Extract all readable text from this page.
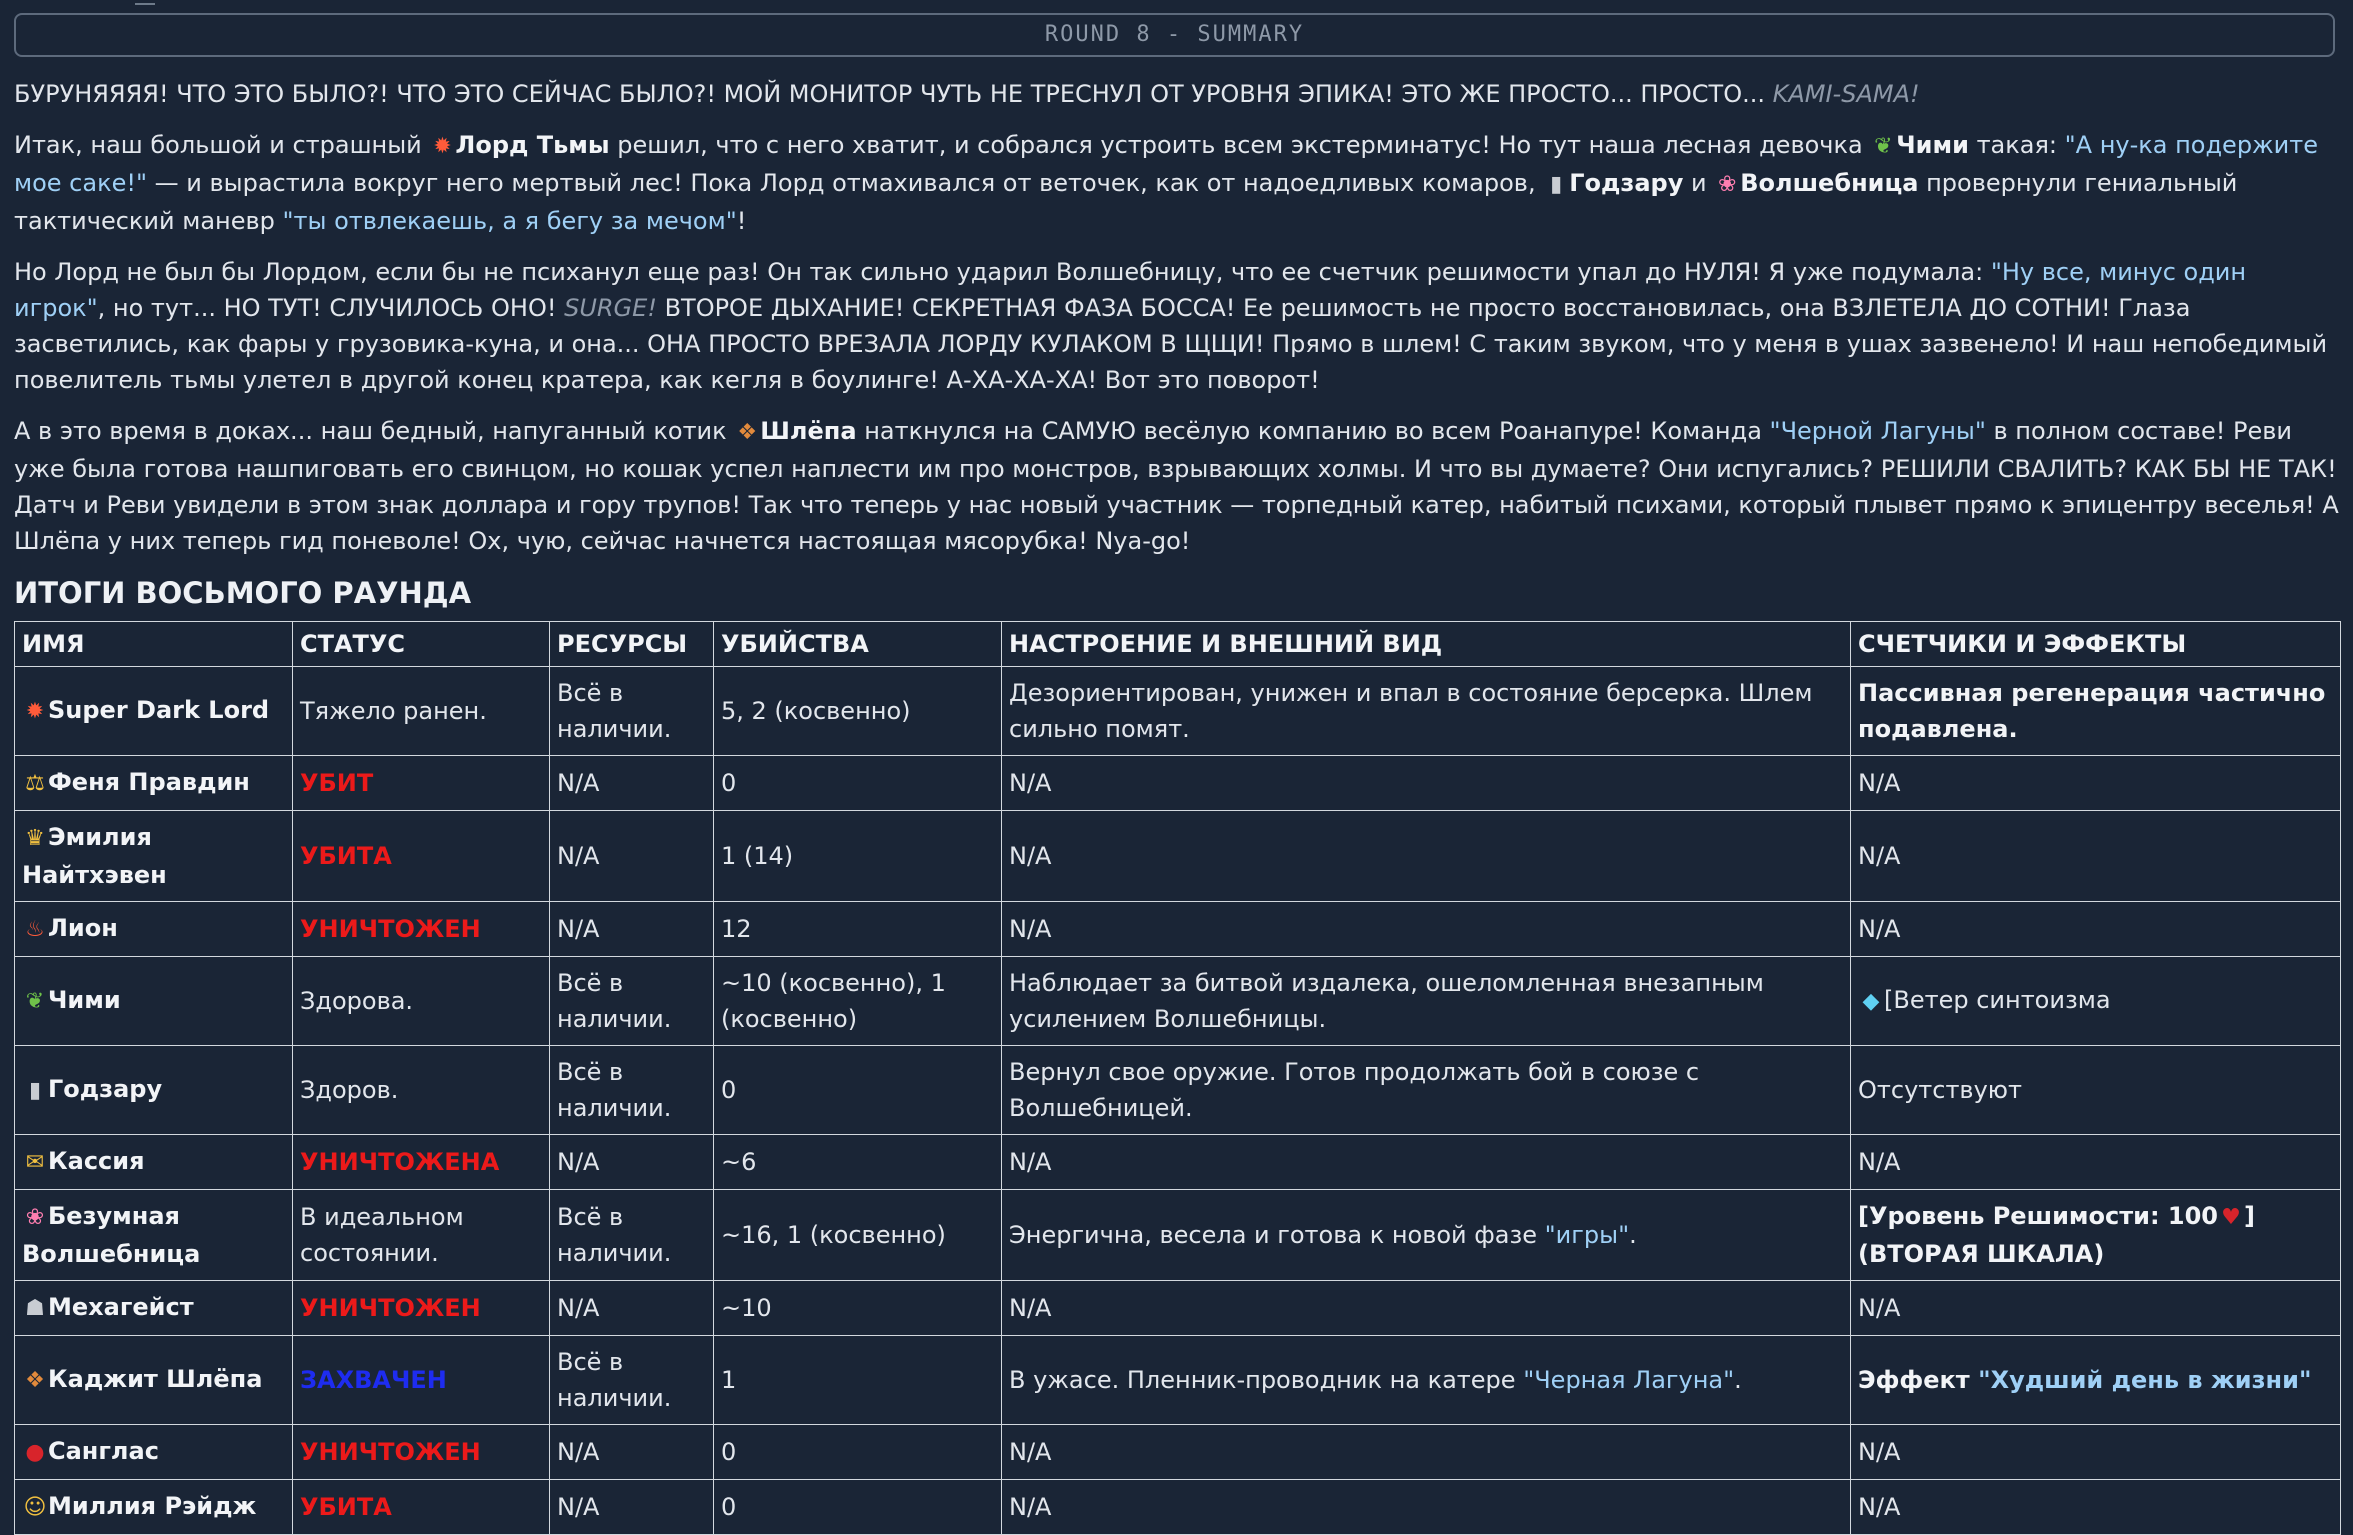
ROUND 8 - SUMMARY

БУРУНЯЯЯЯ! ЧТО ЭТО БЫЛО?! ЧТО ЭТО СЕЙЧАС БЫЛО?! МОЙ МОНИТОР ЧУТЬ НЕ ТРЕСНУЛ ОТ УРОВНЯ ЭПИКА! ЭТО ЖЕ ПРОСТО... ПРОСТО... KAMI-SAMA!

Итак, наш большой и страшный ✹ Лорд Тьмы решил, что с него хватит, и собрался устроить всем экстерминатус! Но тут наша лесная девочка ❦ Чими такая: "А ну-ка подержите мое саке!" — и вырастила вокруг него мертвый лес! Пока Лорд отмахивался от веточек, как от надоедливых комаров, ▮ Годзару и ❀ Волшебница провернули гениальный тактический маневр "ты отвлекаешь, а я бегу за мечом"!

Но Лорд не был бы Лордом, если бы не психанул еще раз! Он так сильно ударил Волшебницу, что ее счетчик решимости упал до НУЛЯ! Я уже подумала: "Ну все, минус один игрок", но тут... НО ТУТ! СЛУЧИЛОСЬ ОНО! SURGE! ВТОРОЕ ДЫХАНИЕ! СЕКРЕТНАЯ ФАЗА БОССА! Ее решимость не просто восстановилась, она ВЗЛЕТЕЛА ДО СОТНИ! Глаза засветились, как фары у грузовика-куна, и она... ОНА ПРОСТО ВРЕЗАЛА ЛОРДУ КУЛАКОМ В ЩЩИ! Прямо в шлем! С таким звуком, что у меня в ушах зазвенело! И наш непобедимый повелитель тьмы улетел в другой конец кратера, как кегля в боулинге! А-ХА-ХА-ХА! Вот это поворот!

А в это время в доках... наш бедный, напуганный котик ❖ Шлёпа наткнулся на САМУЮ весёлую компанию во всем Роанапуре! Команда "Черной Лагуны" в полном составе! Реви уже была готова нашпиговать его свинцом, но кошак успел наплести им про монстров, взрывающих холмы. И что вы думаете? Они испугались? РЕШИЛИ СВАЛИТЬ? КАК БЫ НЕ ТАК! Датч и Реви увидели в этом знак доллара и гору трупов! Так что теперь у нас новый участник — торпедный катер, набитый психами, который плывет прямо к эпицентру веселья! А Шлёпа у них теперь гид поневоле! Ох, чую, сейчас начнется настоящая мясорубка! Nya-go!

ИТОГИ ВОСЬМОГО РАУНДА
ИМЯ	СТАТУС	РЕСУРСЫ	УБИЙСТВА	НАСТРОЕНИЕ И ВНЕШНИЙ ВИД	СЧЕТЧИКИ И ЭФФЕКТЫ
✹ Super Dark Lord	Тяжело ранен.	Всё в наличии.	5, 2 (косвенно)	Дезориентирован, унижен и впал в состояние берсерка. Шлем сильно помят.	Пассивная регенерация частично подавлена.
⚖ Феня Правдин	УБИТ	N/A	0	N/A	N/A
♛ Эмилия Найтхэвен	УБИТА	N/A	1 (14)	N/A	N/A
♨ Лион	УНИЧТОЖЕН	N/A	12	N/A	N/A
❦ Чими	Здорова.	Всё в наличии.	~10 (косвенно), 1 (косвенно)	Наблюдает за битвой издалека, ошеломленная внезапным усилением Волшебницы.	◆ [Ветер синтоизма
▮ Годзару	Здоров.	Всё в наличии.	0	Вернул свое оружие. Готов продолжать бой в союзе с Волшебницей.	Отсутствуют
✉ Кассия	УНИЧТОЖЕНА	N/A	~6	N/A	N/A
❀ Безумная Волшебница	В идеальном состоянии.	Всё в наличии.	~16, 1 (косвенно)	Энергична, весела и готова к новой фазе "игры".	[Уровень Решимости: 100 ♥ ] (ВТОРАЯ ШКАЛА)
☗ Мехагейст	УНИЧТОЖЕН	N/A	~10	N/A	N/A
❖ Каджит Шлёпа	ЗАХВАЧЕН	Всё в наличии.	1	В ужасе. Пленник-проводник на катере "Черная Лагуна".	Эффект "Худший день в жизни"
● Санглас	УНИЧТОЖЕН	N/A	0	N/A	N/A
☺Миллия Рэйдж	УБИТА	N/A	0	N/A	N/A
